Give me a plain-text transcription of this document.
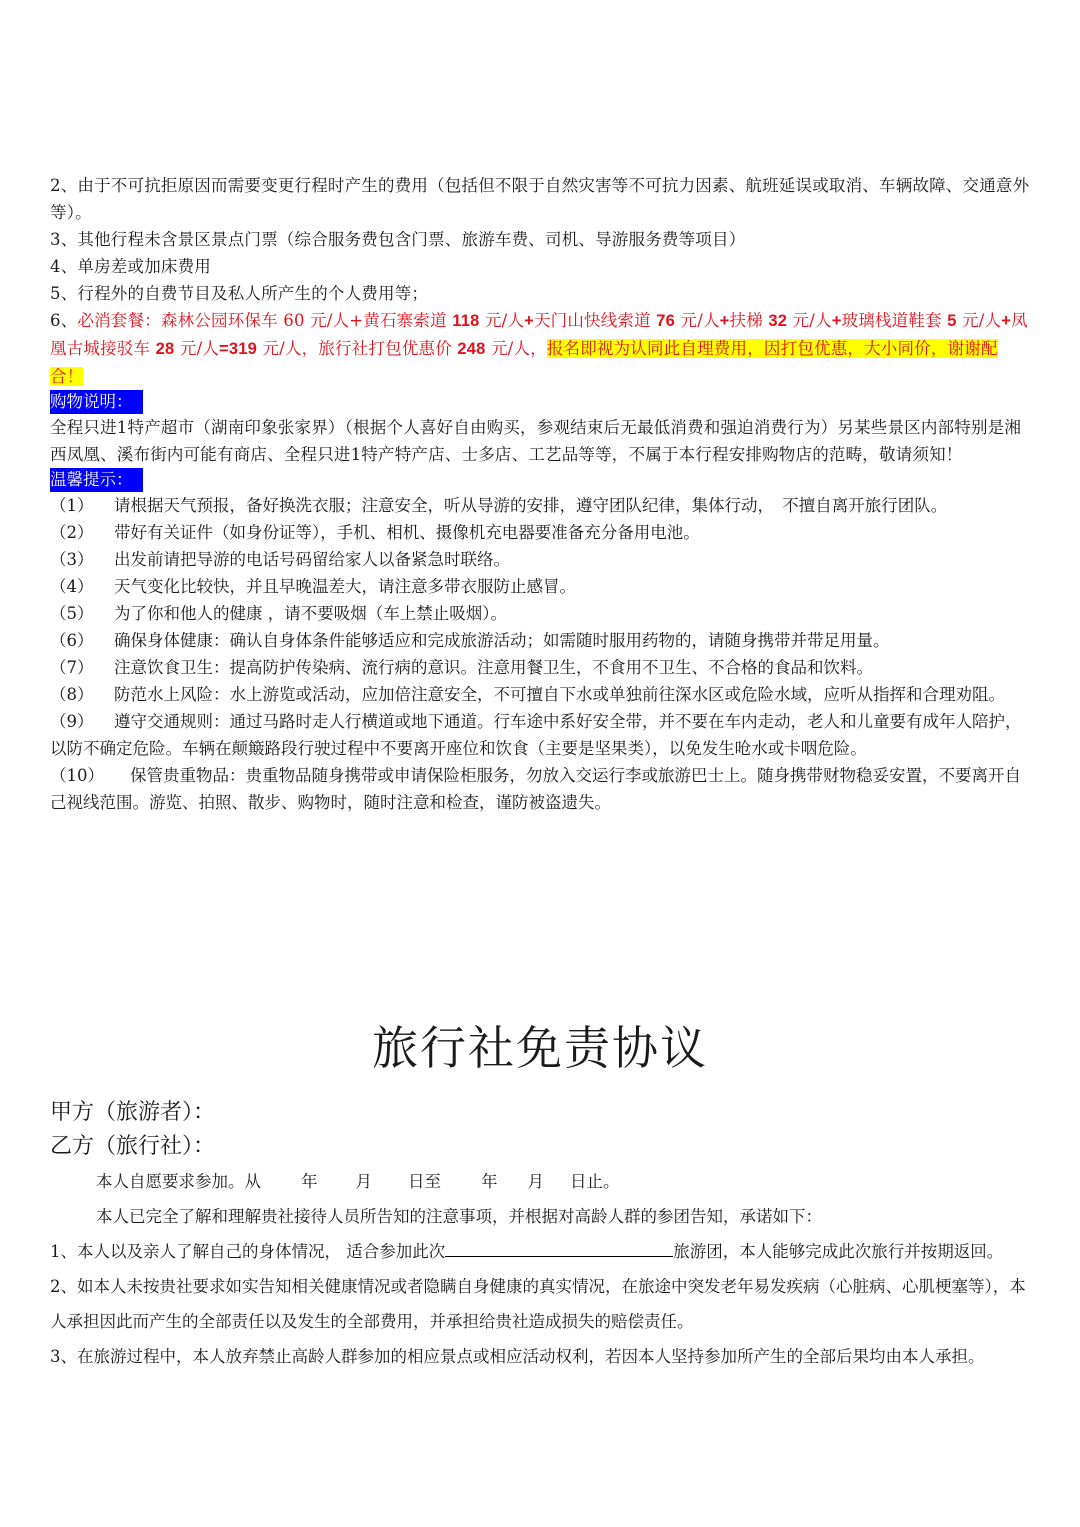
2、由于不可抗拒原因而需要变更行程时产生的费用（包括但不限于自然灾害等不可抗力因素、航班延误或取消、车辆故障、交通意外等）。

3、其他行程未含景区景点门票（综合服务费包含门票、旅游车费、司机、导游服务费等项目）

4、单房差或加床费用

5、行程外的自费节目及私人所产生的个人费用等；

6、必消套餐：森林公园环保车 60 元/人+黄石寨索道 118 元/人+天门山快线索道 76 元/人+扶梯 32 元/人+玻璃栈道鞋套 5 元/人+凤凰古城接驳车 28 元/人=319 元/人，旅行社打包优惠价 248 元/人，报名即视为认同此自理费用，因打包优惠，大小同价，谢谢配合！

购物说明：

全程只进1特产超市（湖南印象张家界）（根据个人喜好自由购买，参观结束后无最低消费和强迫消费行为）另某些景区内部特别是湘西凤凰、溪布街内可能有商店、全程只进1特产特产店、士多店、工艺品等等，不属于本行程安排购物店的范畴，敬请须知！

温馨提示：

（1） 请根据天气预报，备好换洗衣服；注意安全，听从导游的安排，遵守团队纪律，集体行动，　不擅自离开旅行团队。

（2） 带好有关证件（如身份证等），手机、相机、摄像机充电器要准备充分备用电池。

（3） 出发前请把导游的电话号码留给家人以备紧急时联络。

（4） 天气变化比较快，并且早晚温差大，请注意多带衣服防止感冒。

（5） 为了你和他人的健康 ，请不要吸烟（车上禁止吸烟）。

（6） 确保身体健康：确认自身体条件能够适应和完成旅游活动；如需随时服用药物的，请随身携带并带足用量。

（7） 注意饮食卫生：提高防护传染病、流行病的意识。注意用餐卫生，不食用不卫生、不合格的食品和饮料。

（8） 防范水上风险：水上游览或活动，应加倍注意安全，不可擅自下水或单独前往深水区或危险水域，应听从指挥和合理劝阻。

（9） 遵守交通规则：通过马路时走人行横道或地下通道。行车途中系好安全带，并不要在车内走动，老人和儿童要有成年人陪护，以防不确定危险。车辆在颠簸路段行驶过程中不要离开座位和饮食（主要是坚果类），以免发生呛水或卡咽危险。

（10） 保管贵重物品：贵重物品随身携带或申请保险柜服务，勿放入交运行李或旅游巴士上。随身携带财物稳妥安置，不要离开自己视线范围。游览、拍照、散步、购物时，随时注意和检查，谨防被盗遗失。

旅行社免责协议

甲方（旅游者）：

乙方（旅行社）：

本人自愿要求参加。从 年 月 日至 年 月 日止。

本人已完全了解和理解贵社接待人员所告知的注意事项，并根据对高龄人群的参团告知，承诺如下：

1、本人以及亲人了解自己的身体情况， 适合参加此次	旅游团，本人能够完成此次旅行并按期返回。

2、如本人未按贵社要求如实告知相关健康情况或者隐瞒自身健康的真实情况，在旅途中突发老年易发疾病（心脏病、心肌梗塞等），本人承担因此而产生的全部责任以及发生的全部费用，并承担给贵社造成损失的赔偿责任。

3、在旅游过程中，本人放弃禁止高龄人群参加的相应景点或相应活动权利，若因本人坚持参加所产生的全部后果均由本人承担。
